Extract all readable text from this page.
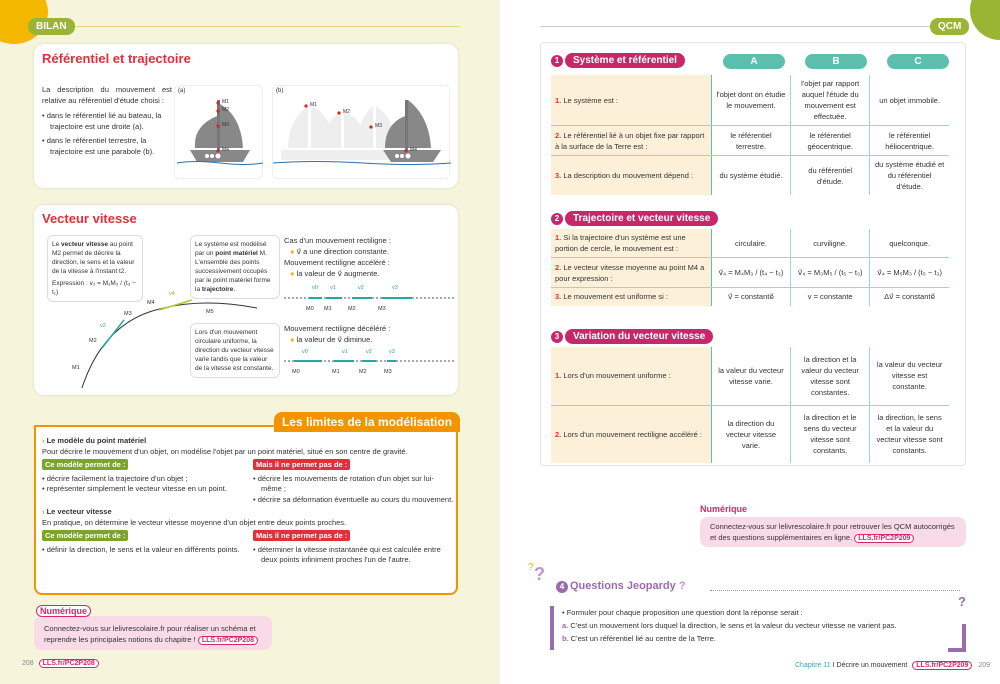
BILAN
Référentiel et trajectoire
La description du mouvement est relative au référentiel d'étude choisi :
• dans le référentiel lié au bateau, la trajectoire est une droite (a).
• dans le référentiel terrestre, la trajectoire est une parabole (b).
(a)
M1
M2
M3
M4
(b)
M1
M2
M3
M4
Vecteur vitesse
Le vecteur vitesse au point M2 permet de décrire la direction, le sens et la valeur de la vitesse à l'instant t2.
Expression : v₂ = M₁M₃ / (t₃ − t₁)
Le système est modélisé par un point matériel M. L'ensemble des points successivement occupés par le point matériel forme la trajectoire.
Lors d'un mouvement circulaire uniforme, la direction du vecteur vitesse varie tandis que la valeur de la vitesse est constante.
M1
M2
M3
M4
M5
v2
v4
Cas d'un mouvement rectiligne :
● v⃗ a une direction constante.
Mouvement rectiligne accéléré :
● la valeur de v⃗ augmente.
v0 v1	v2	v3
M0 M1	M2	M3
Mouvement rectiligne décéléré :
● la valeur de v⃗ diminue.
v0	v1	v2	v3
M0	M1	M2	M3
Les limites de la modélisation
› Le modèle du point matériel
Pour décrire le mouvement d'un objet, on modélise l'objet par un point matériel, situé en son centre de gravité.
Ce modèle permet de :
• décrire facilement la trajectoire d'un objet ;
• représenter simplement le vecteur vitesse en un point.
Mais il ne permet pas de :
• décrire les mouvements de rotation d'un objet sur lui-même ;
• décrire sa déformation éventuelle au cours du mouvement.
› Le vecteur vitesse
En pratique, on détermine le vecteur vitesse moyenne d'un objet entre deux points proches.
Ce modèle permet de :
• définir la direction, le sens et la valeur en différents points.
Mais il ne permet pas de :
• déterminer la vitesse instantanée qui est calculée entre deux points infiniment proches l'un de l'autre.
Numérique
Connectez-vous sur lelivrescolaire.fr pour réaliser un schéma et reprendre les principales notions du chapitre ! LLS.fr/PC2P208
208 LLS.fr/PC2P208
QCM
A	B	C
1 Système et référentiel
1. Le système est :	l'objet dont on étudie le mouvement.	l'objet par rapport auquel l'étude du mouvement est effectuée.	un objet immobile.
2. Le référentiel lié à un objet fixe par rapport à la surface de la Terre est :	le référentiel terrestre.	le référentiel géocentrique.	le référentiel héliocentrique.
3. La description du mouvement dépend :	du système étudié.	du référentiel d'étude.	du système étudié et du référentiel d'étude.
2 Trajectoire et vecteur vitesse
1. Si la trajectoire d'un système est une portion de cercle, le mouvement est :	circulaire.	curviligne.	quelconque.
2. Le vecteur vitesse moyenne au point M4 a pour expression :	v⃗₄ = M₄M₃ / (t₄ − t₃)	v⃗₄ = M₃M₅ / (t₅ − t₃)	v⃗₄ = M₅M₃ / (t₅ − t₃)
3. Le mouvement est uniforme si :	v⃗ = constante⃗	v = constante	Δv⃗ = constante⃗
3 Variation du vecteur vitesse
1. Lors d'un mouvement uniforme :	la valeur du vecteur vitesse varie.	la direction et la valeur du vecteur vitesse sont constantes.	la valeur du vecteur vitesse est constante.
2. Lors d'un mouvement rectiligne accéléré :	la direction du vecteur vitesse varie.	la direction et le sens du vecteur vitesse sont constants.	la direction, le sens et la valeur du vecteur vitesse sont constants.
Numérique
Connectez-vous sur lelivrescolaire.fr pour retrouver les QCM autocorrigés et des questions supplémentaires en ligne. LLS.fr/PC2P209
?
?
4 Questions Jeopardy ?
?
• Formuler pour chaque proposition une question dont la réponse serait :
a. C'est un mouvement lors duquel la direction, le sens et la valeur du vecteur vitesse ne varient pas.
b. C'est un référentiel lié au centre de la Terre.
Chapitre 11 I Décrire un mouvement LLS.fr/PC2P209 209
